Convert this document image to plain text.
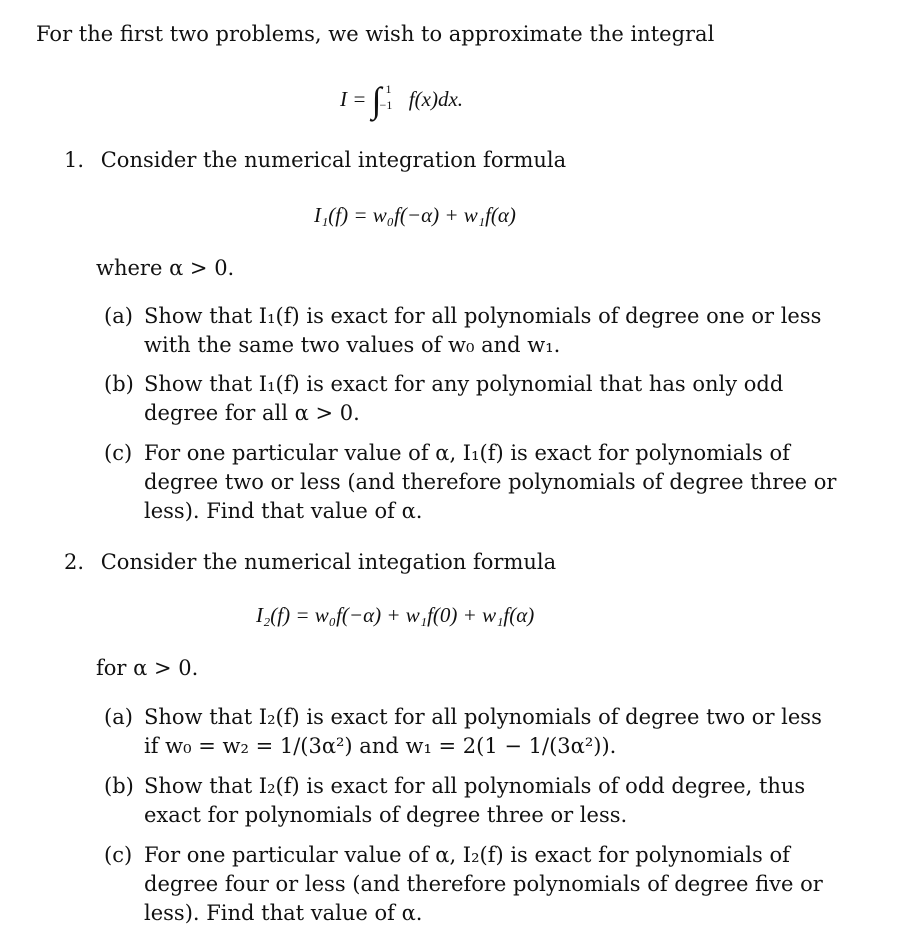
For the first two problems, we wish to approximate the integral
I = ∫ 1
−1 f(x)dx.
1. Consider the numerical integration formula
I₁(f) = w₀f(−α) + w₁f(α)
where α > 0.
(a) Show that I₁(f) is exact for all polynomials of degree one or less
with the same two values of w₀ and w₁.
(b) Show that I₁(f) is exact for any polynomial that has only odd
degree for all α > 0.
(c) For one particular value of α, I₁(f) is exact for polynomials of
degree two or less (and therefore polynomials of degree three or
less). Find that value of α.
2. Consider the numerical integation formula
I₂(f) = w₀f(−α) + w₁f(0) + w₁f(α)
for α > 0.
(a) Show that I₂(f) is exact for all polynomials of degree two or less
if w₀ = w₂ = 1/(3α²) and w₁ = 2(1 − 1/(3α²)).
(b) Show that I₂(f) is exact for all polynomials of odd degree, thus
exact for polynomials of degree three or less.
(c) For one particular value of α, I₂(f) is exact for polynomials of
degree four or less (and therefore polynomials of degree five or
less). Find that value of α.
